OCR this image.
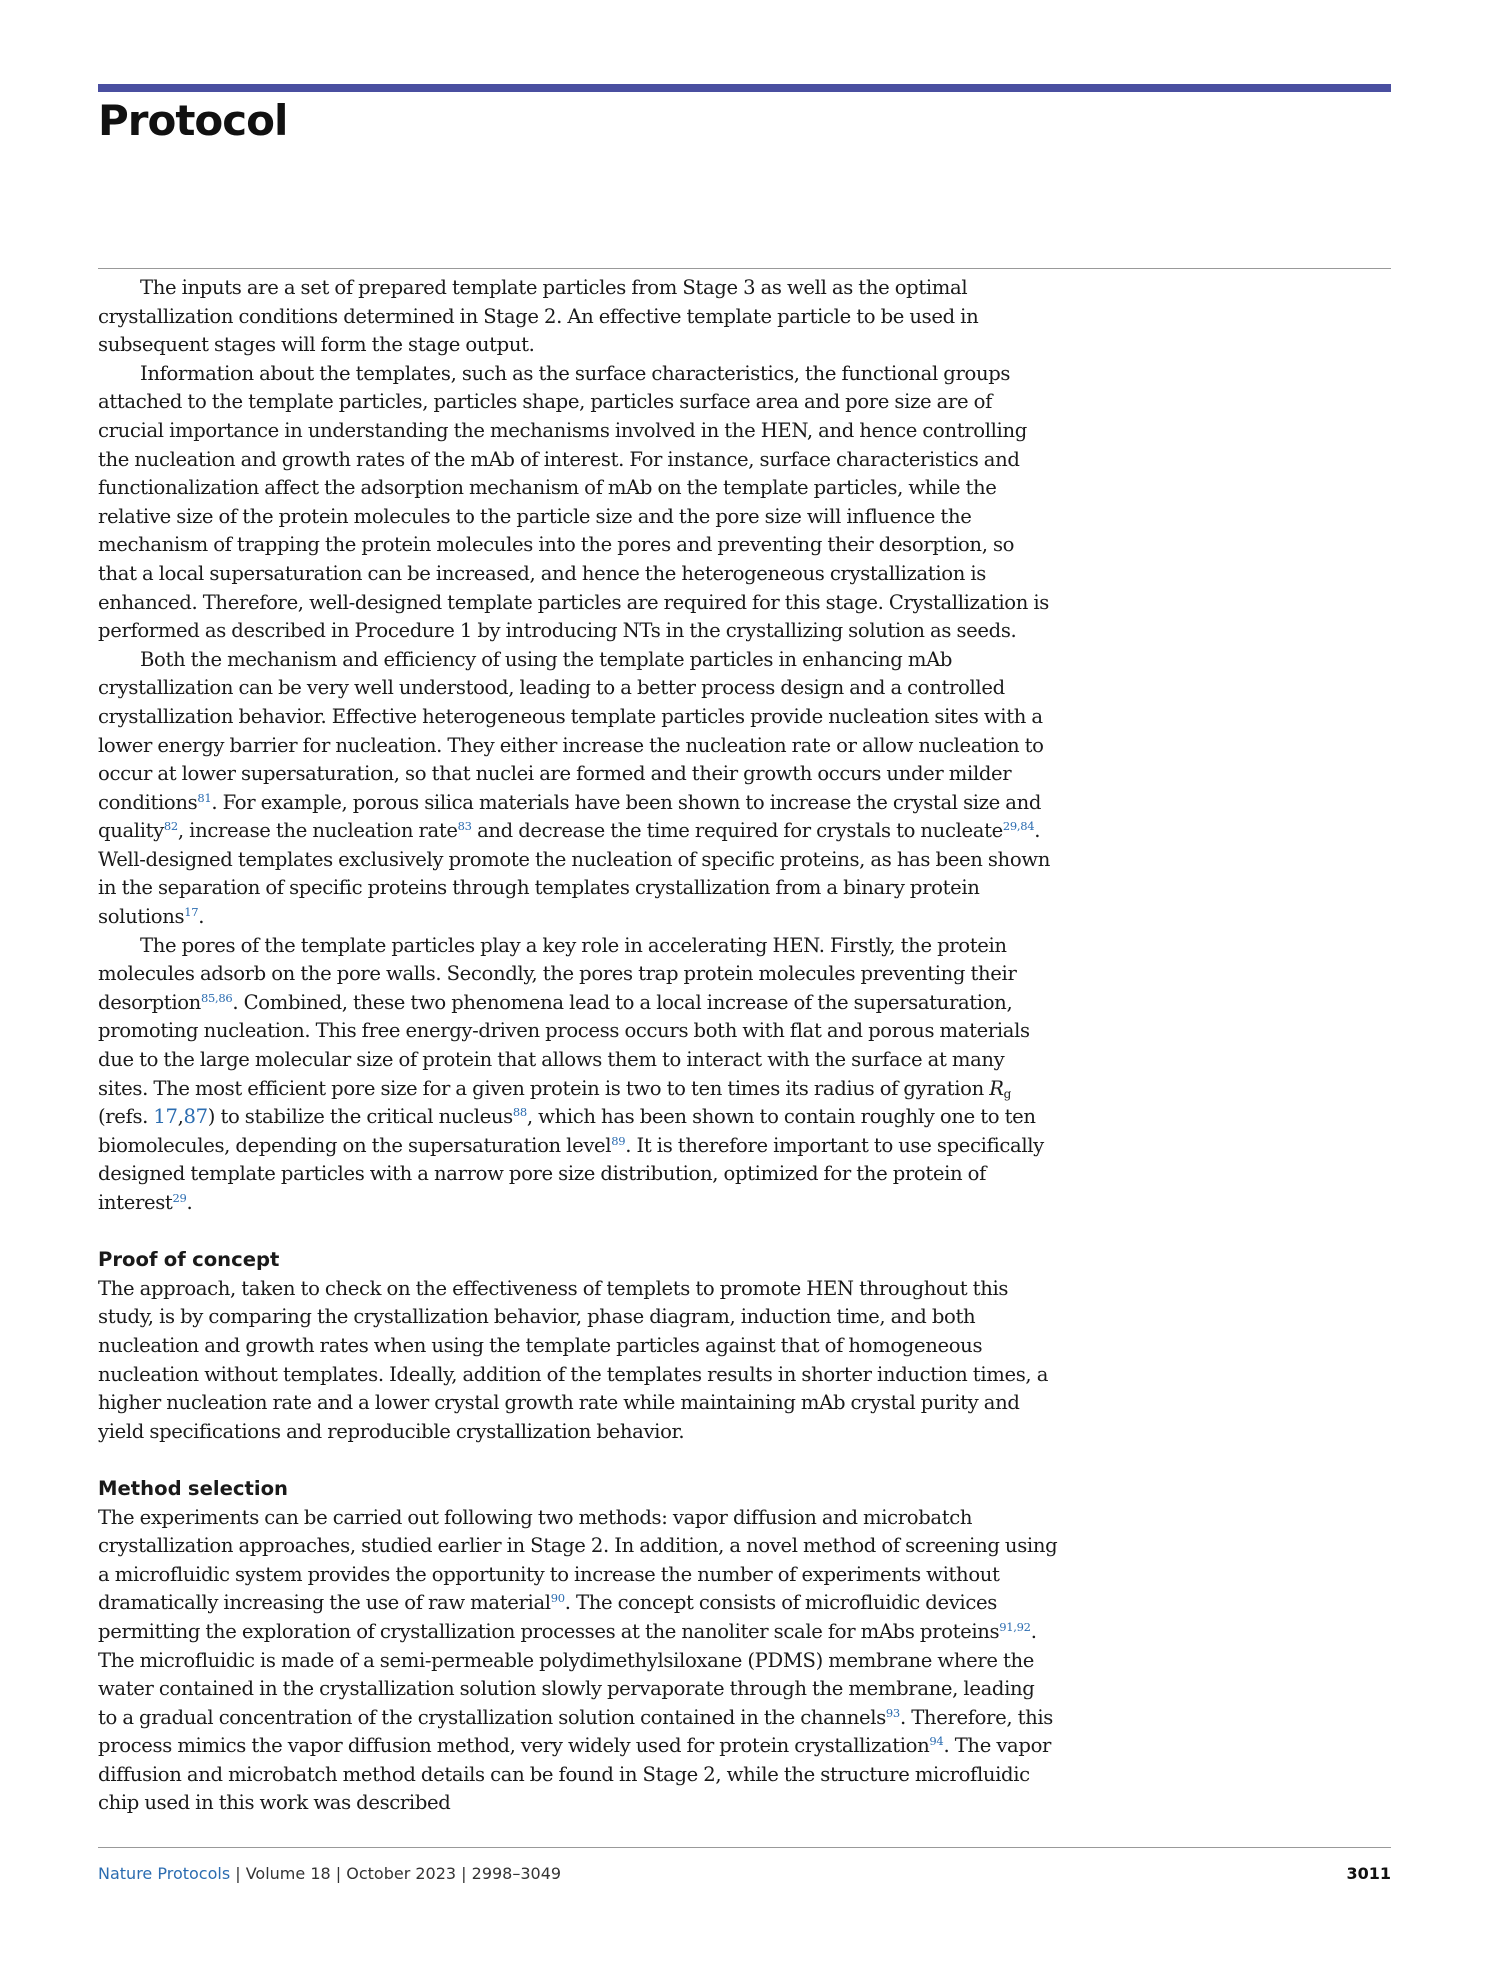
Protocol

The inputs are a set of prepared template particles from Stage 3 as well as the optimal crystallization conditions determined in Stage 2. An effective template particle to be used in subsequent stages will form the stage output.

Information about the templates, such as the surface characteristics, the functional groups attached to the template particles, particles shape, particles surface area and pore size are of crucial importance in understanding the mechanisms involved in the HEN, and hence controlling the nucleation and growth rates of the mAb of interest. For instance, surface characteristics and functionalization affect the adsorption mechanism of mAb on the template particles, while the relative size of the protein molecules to the particle size and the pore size will influence the mechanism of trapping the protein molecules into the pores and preventing their desorption, so that a local supersaturation can be increased, and hence the heterogeneous crystallization is enhanced. Therefore, well-designed template particles are required for this stage. Crystallization is performed as described in Procedure 1 by introducing NTs in the crystallizing solution as seeds.

Both the mechanism and efficiency of using the template particles in enhancing mAb crystallization can be very well understood, leading to a better process design and a controlled crystallization behavior. Effective heterogeneous template particles provide nucleation sites with a lower energy barrier for nucleation. They either increase the nucleation rate or allow nucleation to occur at lower supersaturation, so that nuclei are formed and their growth occurs under milder conditions$^{81}$. For example, porous silica materials have been shown to increase the crystal size and quality$^{82}$, increase the nucleation rate$^{83}$ and decrease the time required for crystals to nucleate$^{29,84}$. Well-designed templates exclusively promote the nucleation of specific proteins, as has been shown in the separation of specific proteins through templates crystallization from a binary protein solutions$^{17}$.

The pores of the template particles play a key role in accelerating HEN. Firstly, the protein molecules adsorb on the pore walls. Secondly, the pores trap protein molecules preventing their desorption$^{85,86}$. Combined, these two phenomena lead to a local increase of the supersaturation, promoting nucleation. This free energy-driven process occurs both with flat and porous materials due to the large molecular size of protein that allows them to interact with the surface at many sites. The most efficient pore size for a given protein is two to ten times its radius of gyration Rg (refs. 17,87) to stabilize the critical nucleus$^{88}$, which has been shown to contain roughly one to ten biomolecules, depending on the supersaturation level$^{89}$. It is therefore important to use specifically designed template particles with a narrow pore size distribution, optimized for the protein of interest$^{29}$.

Proof of concept

The approach, taken to check on the effectiveness of templets to promote HEN throughout this study, is by comparing the crystallization behavior, phase diagram, induction time, and both nucleation and growth rates when using the template particles against that of homogeneous nucleation without templates. Ideally, addition of the templates results in shorter induction times, a higher nucleation rate and a lower crystal growth rate while maintaining mAb crystal purity and yield specifications and reproducible crystallization behavior.

Method selection

The experiments can be carried out following two methods: vapor diffusion and microbatch crystallization approaches, studied earlier in Stage 2. In addition, a novel method of screening using a microfluidic system provides the opportunity to increase the number of experiments without dramatically increasing the use of raw material$^{90}$. The concept consists of microfluidic devices permitting the exploration of crystallization processes at the nanoliter scale for mAbs proteins$^{91,92}$. The microfluidic is made of a semi-permeable polydimethylsiloxane (PDMS) membrane where the water contained in the crystallization solution slowly pervaporate through the membrane, leading to a gradual concentration of the crystallization solution contained in the channels$^{93}$. Therefore, this process mimics the vapor diffusion method, very widely used for protein crystallization$^{94}$. The vapor diffusion and microbatch method details can be found in Stage 2, while the structure microfluidic chip used in this work was described

Nature Protocols | Volume 18 | October 2023 | 2998–3049	3011
